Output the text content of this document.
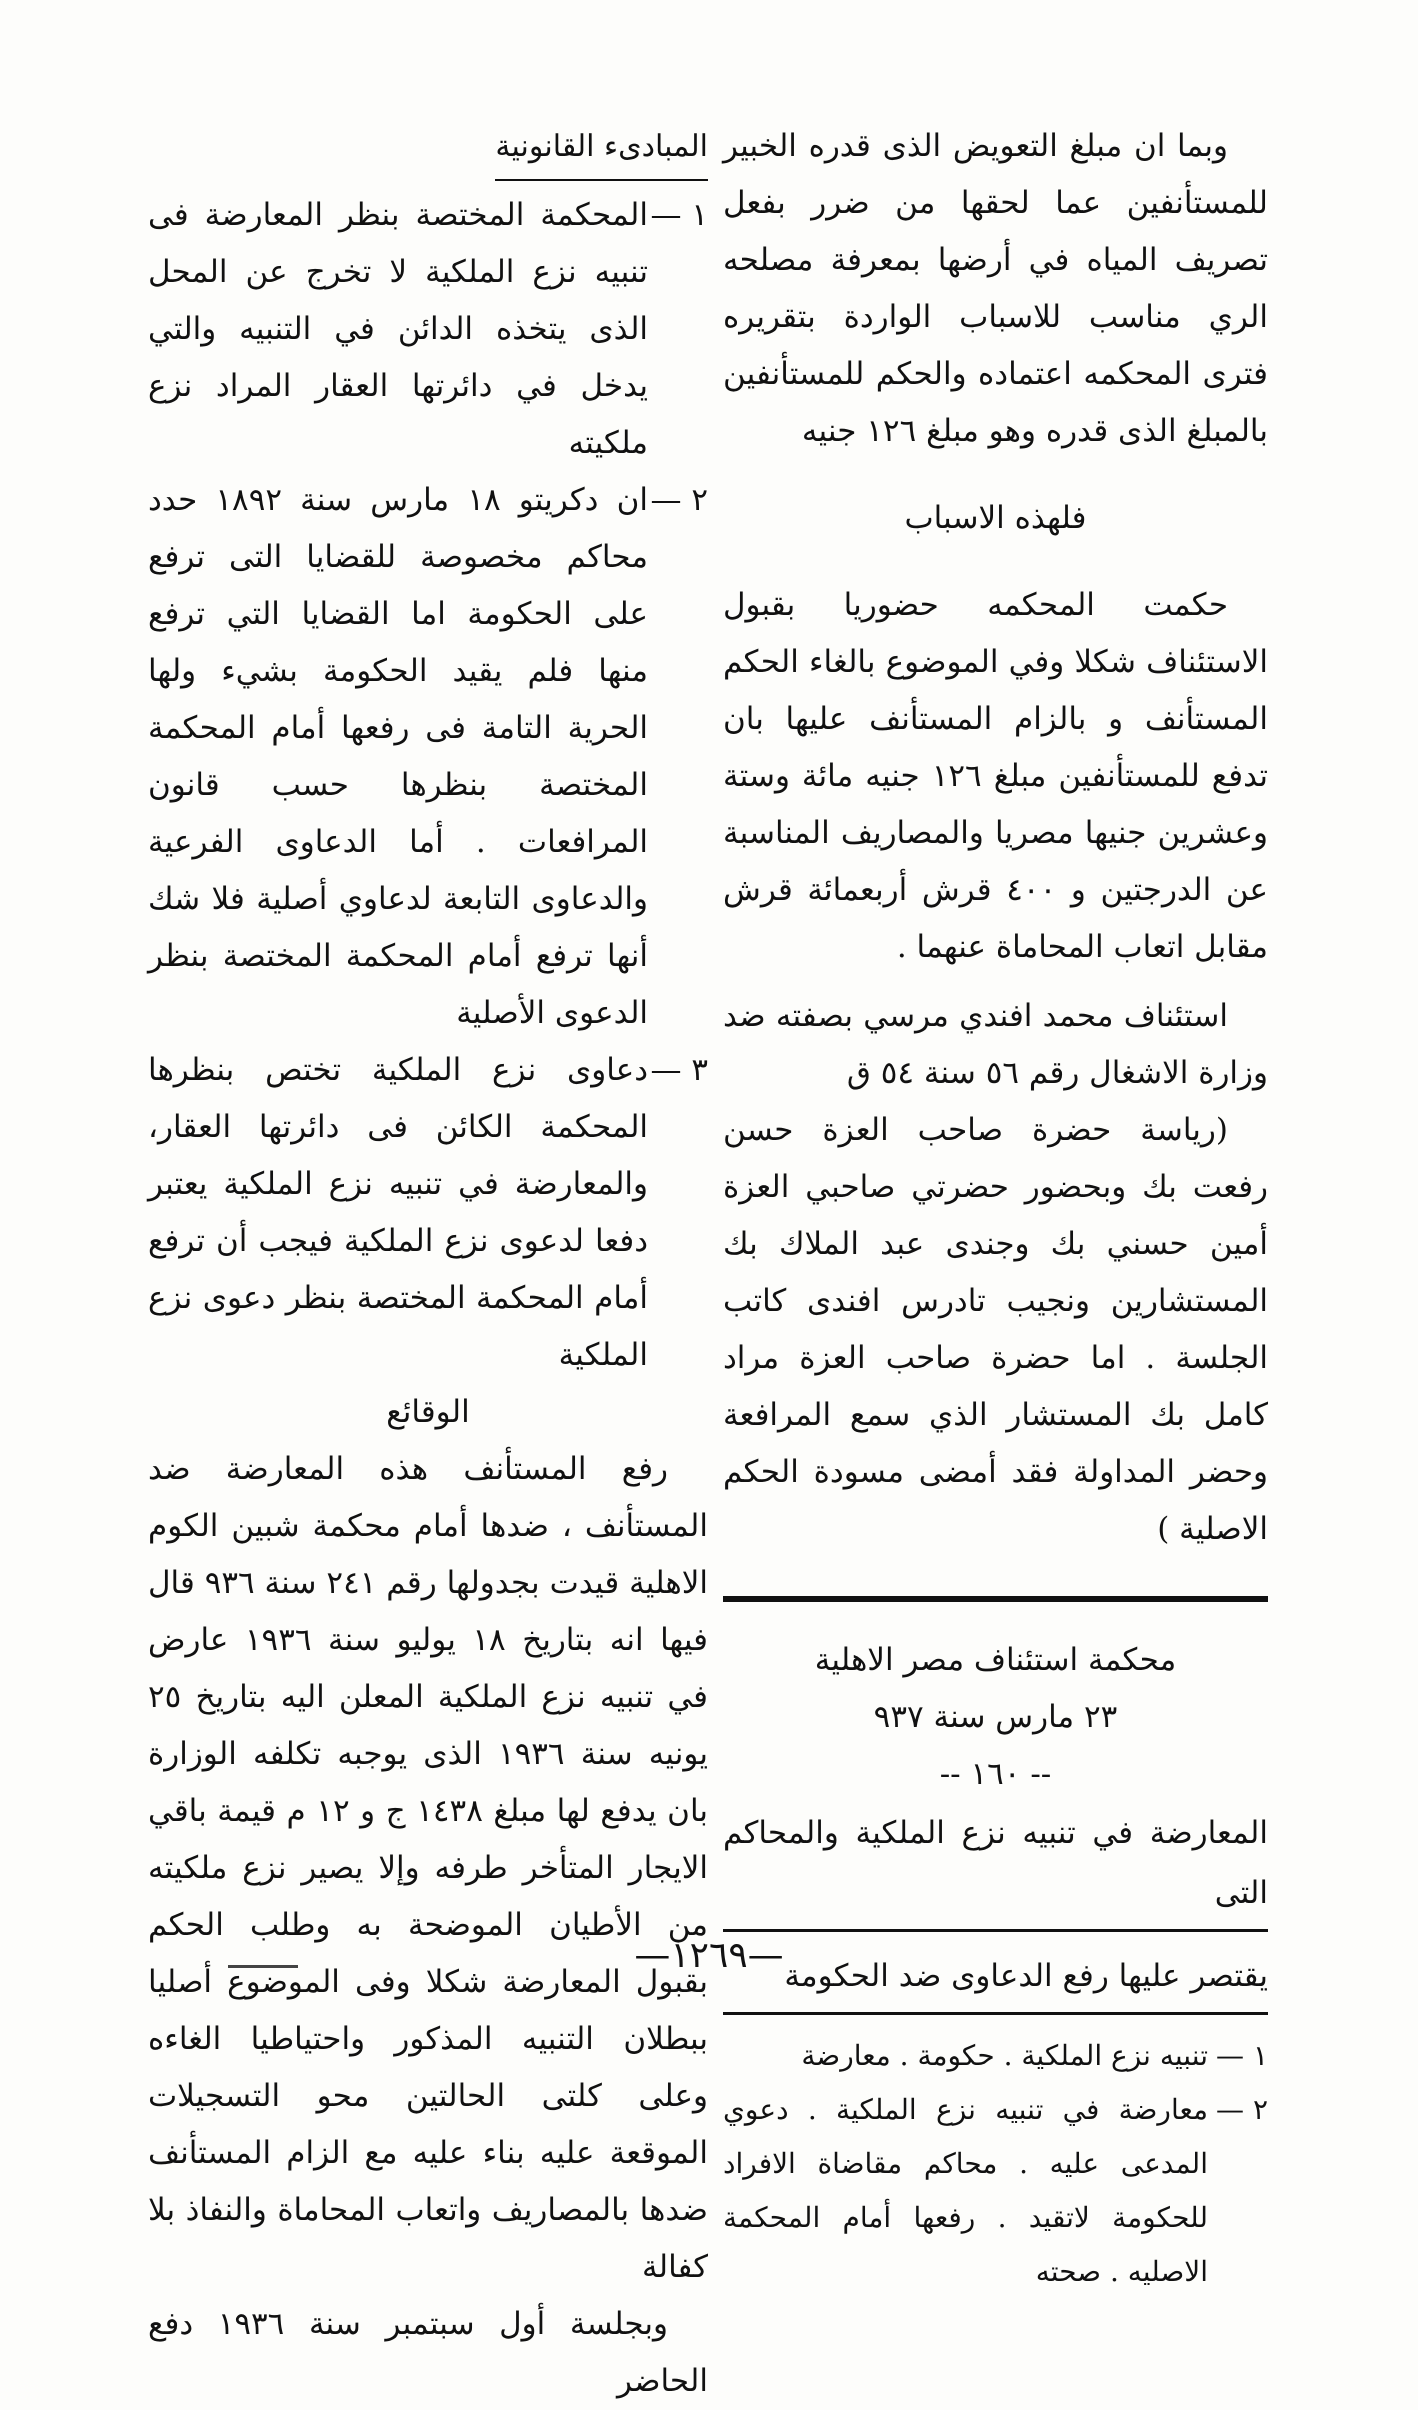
وبما ان مبلغ التعويض الذى قدره الخبير للمستأنفين عما لحقها من ضرر بفعل تصريف المياه في أرضها بمعرفة مصلحه الري مناسب للاسباب الواردة بتقريره فترى المحكمه اعتماده والحكم للمستأنفين بالمبلغ الذى قدره وهو مبلغ ١٢٦ جنيه

فلهذه الاسباب

حكمت المحكمه حضوريا بقبول الاستئناف شكلا وفي الموضوع بالغاء الحكم المستأنف و بالزام المستأنف عليها بان تدفع للمستأنفين مبلغ ١٢٦ جنيه مائة وستة وعشرين جنيها مصريا والمصاريف المناسبة عن الدرجتين و ٤٠٠ قرش أربعمائة قرش مقابل اتعاب المحاماة عنهما .

استئناف محمد افندي مرسي بصفته ضد وزارة الاشغال رقم ٥٦ سنة ٥٤ ق

(رياسة حضرة صاحب العزة حسن رفعت بك وبحضور حضرتي صاحبي العزة أمين حسني بك وجندى عبد الملاك بك المستشارين ونجيب تادرس افندى كاتب الجلسة . اما حضرة صاحب العزة مراد كامل بك المستشار الذي سمع المرافعة وحضر المداولة فقد أمضى مسودة الحكم الاصلية )

محكمة استئناف مصر الاهلية

٢٣ مارس سنة ٩٣٧

-- ١٦٠ --

المعارضة في تنبيه نزع الملكية والمحاكم التى

يقتصر عليها رفع الدعاوى ضد الحكومة

١ —
تنبيه نزع الملكية . حكومة . معارضة
٢ —
معارضة في تنبيه نزع الملكية . دعوي المدعى عليه . محاكم مقاضاة الافراد للحكومة لاتقيد . رفعها أمام المحكمة الاصليه . صحته

المبادىء القانونية

١ —
المحكمة المختصة بنظر المعارضة فى تنبيه نزع الملكية لا تخرج عن المحل الذى يتخذه الدائن في التنبيه والتي يدخل في دائرتها العقار المراد نزع ملكيته
٢ —
ان دكريتو ١٨ مارس سنة ١٨٩٢ حدد محاكم مخصوصة للقضايا التى ترفع على الحكومة اما القضايا التي ترفع منها فلم يقيد الحكومة بشيء ولها الحرية التامة فى رفعها أمام المحكمة المختصة بنظرها حسب قانون المرافعات . أما الدعاوى الفرعية والدعاوى التابعة لدعاوي أصلية فلا شك أنها ترفع أمام المحكمة المختصة بنظر الدعوى الأصلية
٣ —
دعاوى نزع الملكية تختص بنظرها المحكمة الكائن فى دائرتها العقار، والمعارضة في تنبيه نزع الملكية يعتبر دفعا لدعوى نزع الملكية فيجب أن ترفع أمام المحكمة المختصة بنظر دعوى نزع الملكية

الوقائع

رفع المستأنف هذه المعارضة ضد المستأنف ، ضدها أمام محكمة شبين الكوم الاهلية قيدت بجدولها رقم ٢٤١ سنة ٩٣٦ قال فيها انه بتاريخ ١٨ يوليو سنة ١٩٣٦ عارض في تنبيه نزع الملكية المعلن اليه بتاريخ ٢٥ يونيه سنة ١٩٣٦ الذى يوجبه تكلفه الوزارة بان يدفع لها مبلغ ١٤٣٨ ج و ١٢ م قيمة باقي الايجار المتأخر طرفه وإلا يصير نزع ملكيته من الأطيان الموضحة به وطلب الحكم بقبول المعارضة شكلا وفى الموضوع أصليا ببطلان التنبيه المذكور واحتياطيا الغاءه وعلى كلتى الحالتين محو التسجيلات الموقعة عليه بناء عليه مع الزام المستأنف ضدها بالمصاريف واتعاب المحاماة والنفاذ بلا كفالة

وبجلسة أول سبتمبر سنة ١٩٣٦ دفع الحاضر

—١٢٦٩—
